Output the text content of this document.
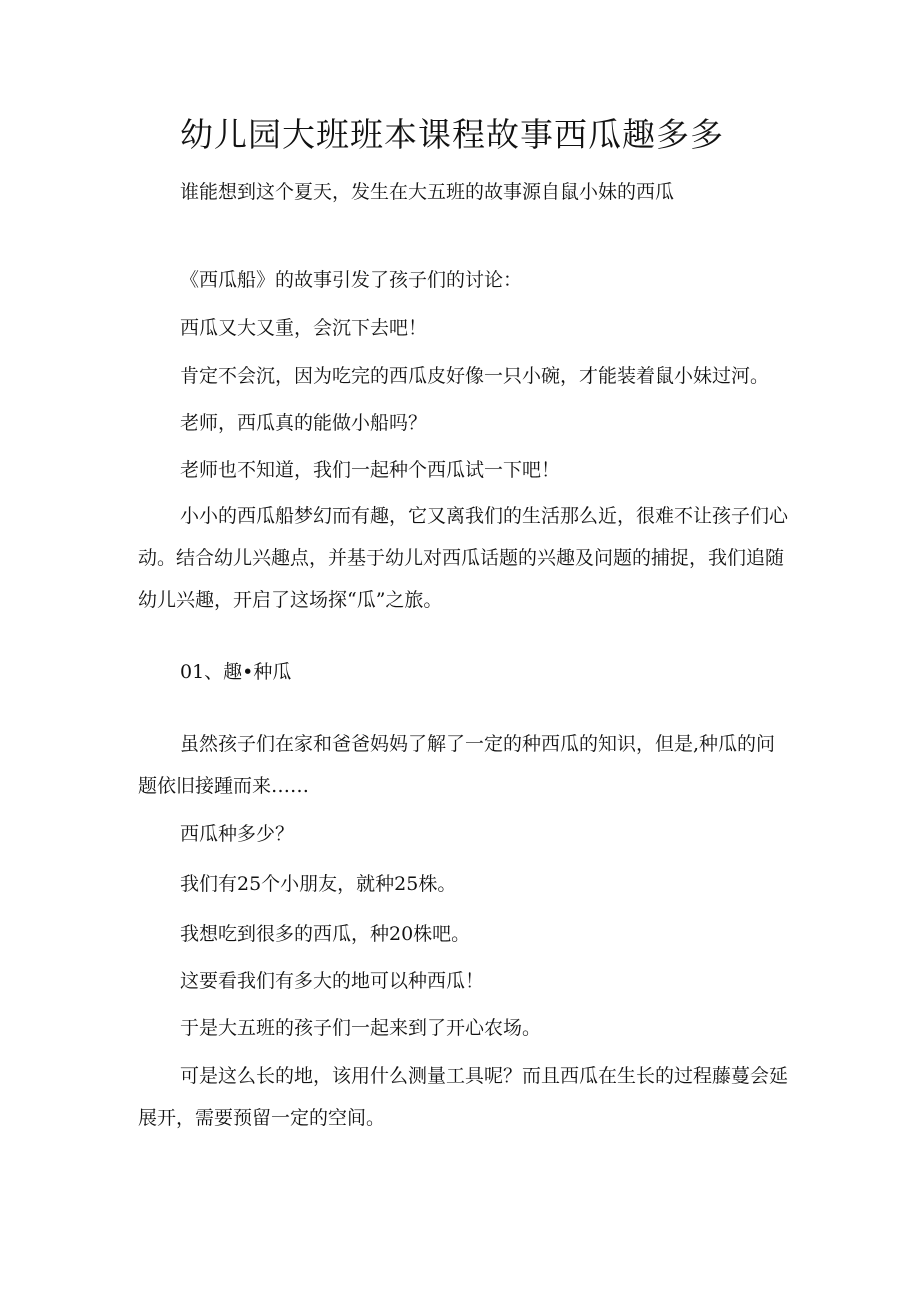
幼儿园大班班本课程故事西瓜趣多多
谁能想到这个夏天，发生在大五班的故事源自鼠小妹的西瓜

《西瓜船》的故事引发了孩子们的讨论：

西瓜又大又重，会沉下去吧！

肯定不会沉，因为吃完的西瓜皮好像一只小碗，才能装着鼠小妹过河。

老师，西瓜真的能做小船吗？

老师也不知道，我们一起种个西瓜试一下吧！

小小的西瓜船梦幻而有趣，它又离我们的生活那么近，很难不让孩子们心动。结合幼儿兴趣点，并基于幼儿对西瓜话题的兴趣及问题的捕捉，我们追随幼儿兴趣，开启了这场探“瓜”之旅。

01、趣•种瓜

虽然孩子们在家和爸爸妈妈了解了一定的种西瓜的知识，但是,种瓜的问题依旧接踵而来……

西瓜种多少？

我们有25个小朋友，就种25株。

我想吃到很多的西瓜，种20株吧。

这要看我们有多大的地可以种西瓜！

于是大五班的孩子们一起来到了开心农场。

可是这么长的地，该用什么测量工具呢？而且西瓜在生长的过程藤蔓会延展开，需要预留一定的空间。
